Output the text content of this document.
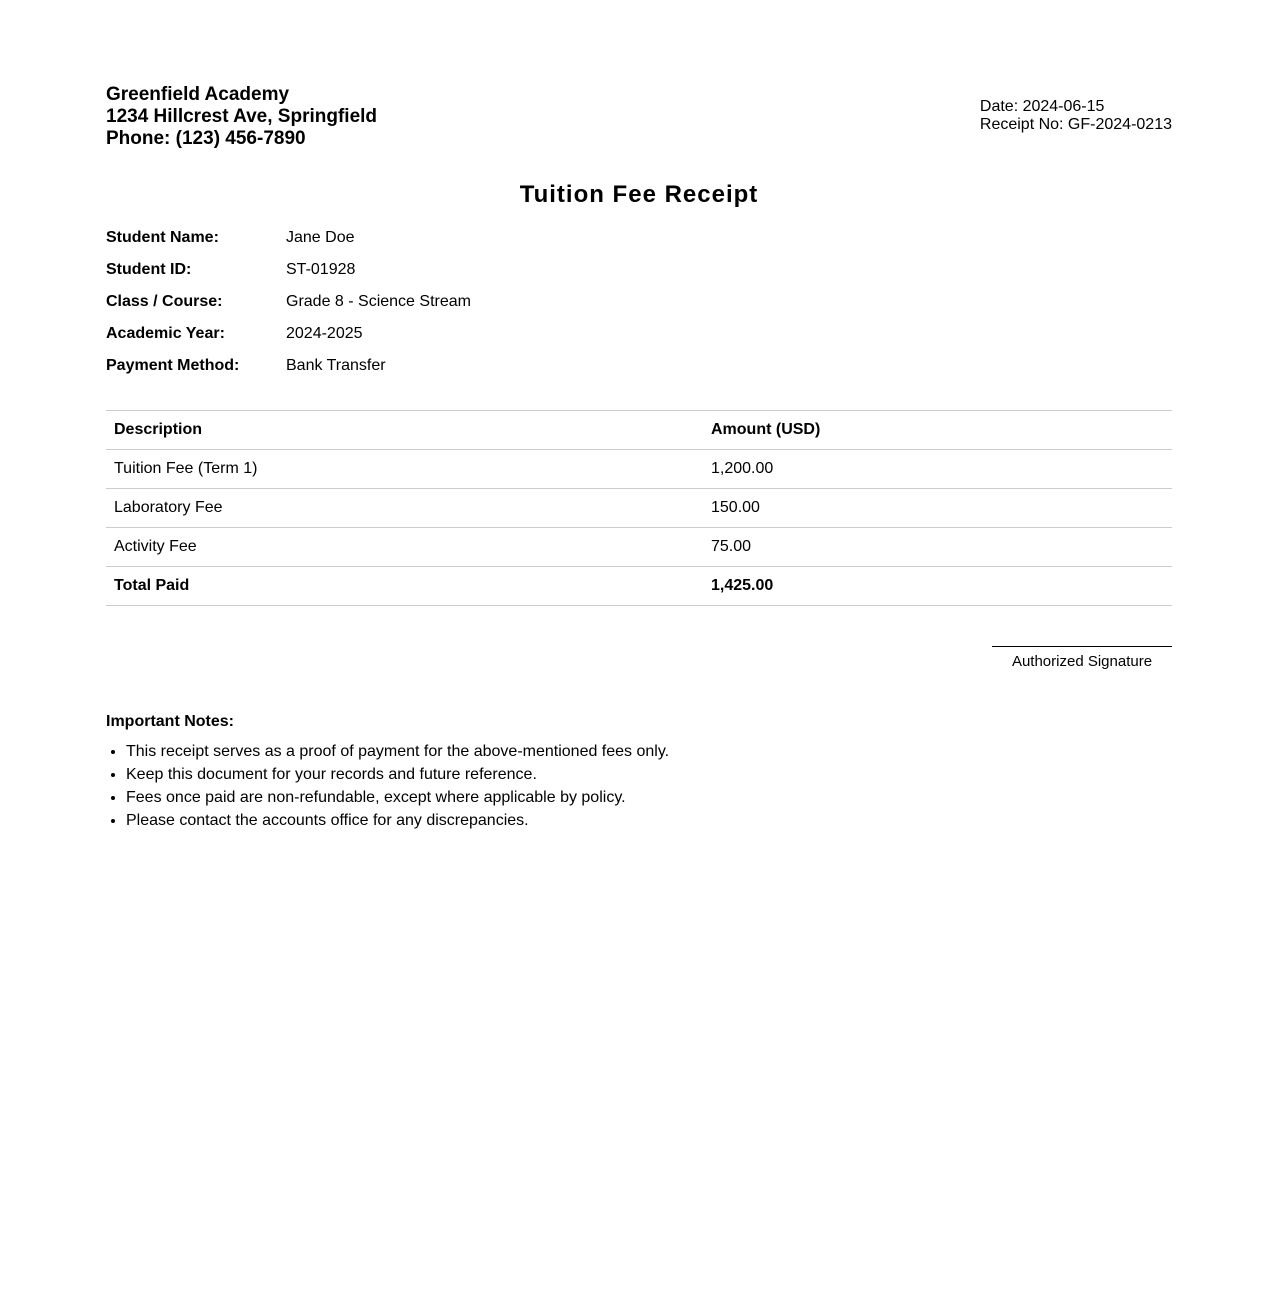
Greenfield Academy
1234 Hillcrest Ave, Springfield
Phone: (123) 456-7890
Date: 2024-06-15
Receipt No: GF-2024-0213
Tuition Fee Receipt
Student Name:	Jane Doe
Student ID:	ST-01928
Class / Course:	Grade 8 - Science Stream
Academic Year:	2024-2025
Payment Method:	Bank Transfer
Description	Amount (USD)
Tuition Fee (Term 1)	1,200.00
Laboratory Fee	150.00
Activity Fee	75.00
Total Paid	1,425.00
Authorized Signature
Important Notes:
• This receipt serves as a proof of payment for the above-mentioned fees only.
• Keep this document for your records and future reference.
• Fees once paid are non-refundable, except where applicable by policy.
• Please contact the accounts office for any discrepancies.
